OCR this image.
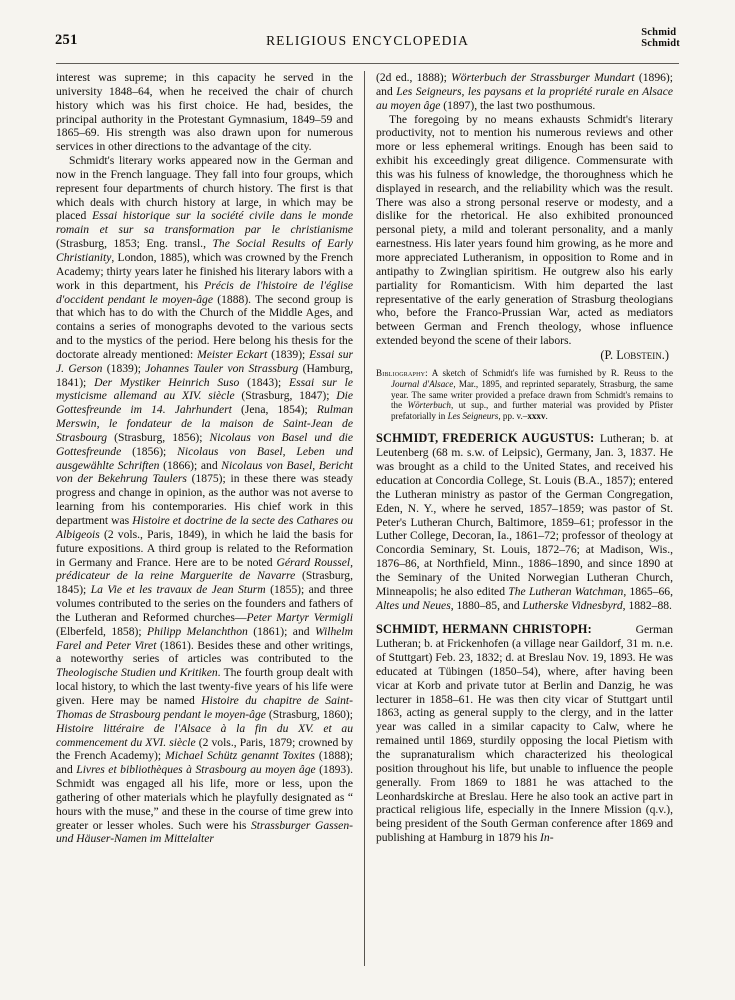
251	RELIGIOUS ENCYCLOPEDIA
Schmid
Schmidt

interest was supreme; in this capacity he served in the university 1848–64, when he received the chair of church history which was his first choice. He had, besides, the principal authority in the Protestant Gymnasium, 1849–59 and 1865–69. His strength was also drawn upon for numerous services in other directions to the advantage of the city.

Schmidt's literary works appeared now in the German and now in the French language. They fall into four groups, which represent four departments of church history. The first is that which deals with church history at large, in which may be placed Essai historique sur la société civile dans le monde romain et sur sa transformation par le christianisme (Strasburg, 1853; Eng. transl., The Social Results of Early Christianity, London, 1885), which was crowned by the French Academy; thirty years later he finished his literary labors with a work in this department, his Précis de l'histoire de l'église d'occident pendant le moyen-âge (1888). The second group is that which has to do with the Church of the Middle Ages, and contains a series of monographs devoted to the various sects and to the mystics of the period. Here belong his thesis for the doctorate already mentioned: Meister Eckart (1839); Essai sur J. Gerson (1839); Johannes Tauler von Strassburg (Hamburg, 1841); Der Mystiker Heinrich Suso (1843); Essai sur le mysticisme allemand au XIV. siècle (Strasburg, 1847); Die Gottesfreunde im 14. Jahrhundert (Jena, 1854); Rulman Merswin, le fondateur de la maison de Saint-Jean de Strasbourg (Strasburg, 1856); Nicolaus von Basel und die Gottesfreunde (1856); Nicolaus von Basel, Leben und ausgewählte Schriften (1866); and Nicolaus von Basel, Bericht von der Bekehrung Taulers (1875); in these there was steady progress and change in opinion, as the author was not averse to learning from his contemporaries. His chief work in this department was Histoire et doctrine de la secte des Cathares ou Albigeois (2 vols., Paris, 1849), in which he laid the basis for future expositions. A third group is related to the Reformation in Germany and France. Here are to be noted Gérard Roussel, prédicateur de la reine Marguerite de Navarre (Strasburg, 1845); La Vie et les travaux de Jean Sturm (1855); and three volumes contributed to the series on the founders and fathers of the Lutheran and Reformed churches—Peter Martyr Vermigli (Elberfeld, 1858); Philipp Melanchthon (1861); and Wilhelm Farel and Peter Viret (1861). Besides these and other writings, a noteworthy series of articles was contributed to the Theologische Studien und Kritiken. The fourth group dealt with local history, to which the last twenty-five years of his life were given. Here may be named Histoire du chapitre de Saint-Thomas de Strasbourg pendant le moyen-âge (Strasburg, 1860); Histoire littéraire de l'Alsace à la fin du XV. et au commencement du XVI. siècle (2 vols., Paris, 1879; crowned by the French Academy); Michael Schütz genannt Toxites (1888); and Livres et bibliothèques à Strasbourg au moyen âge (1893). Schmidt was engaged all his life, more or less, upon the gathering of other materials which he playfully designated as “ hours with the muse,” and these in the course of time grew into greater or lesser wholes. Such were his Strassburger Gassen- und Häuser-Namen im Mittelalter

(2d ed., 1888); Wörterbuch der Strassburger Mundart (1896); and Les Seigneurs, les paysans et la propriété rurale en Alsace au moyen âge (1897), the last two posthumous.

The foregoing by no means exhausts Schmidt's literary productivity, not to mention his numerous reviews and other more or less ephemeral writings. Enough has been said to exhibit his exceedingly great diligence. Commensurate with this was his fulness of knowledge, the thoroughness which he displayed in research, and the reliability which was the result. There was also a strong personal reserve or modesty, and a dislike for the rhetorical. He also exhibited pronounced personal piety, a mild and tolerant personality, and a manly earnestness. His later years found him growing, as he more and more appreciated Lutheranism, in opposition to Rome and in antipathy to Zwinglian spiritism. He outgrew also his early partiality for Romanticism. With him departed the last representative of the early generation of Strasburg theologians who, before the Franco-Prussian War, acted as mediators between German and French theology, whose influence extended beyond the scene of their labors.

(P. Lobstein.)

Bibliography: A sketch of Schmidt's life was furnished by R. Reuss to the Journal d'Alsace, Mar., 1895, and reprinted separately, Strasburg, the same year. The same writer provided a preface drawn from Schmidt's remains to the Wörterbuch, ut sup., and further material was provided by Pfister prefatorially in Les Seigneurs, pp. v.–xxxv.

SCHMIDT, FREDERICK AUGUSTUS: Lutheran; b. at Leutenberg (68 m. s.w. of Leipsic), Germany, Jan. 3, 1837. He was brought as a child to the United States, and received his education at Concordia College, St. Louis (B.A., 1857); entered the Lutheran ministry as pastor of the German Congregation, Eden, N. Y., where he served, 1857–1859; was pastor of St. Peter's Lutheran Church, Baltimore, 1859–61; professor in the Luther College, Decoran, Ia., 1861–72; professor of theology at Concordia Seminary, St. Louis, 1872–76; at Madison, Wis., 1876–86, at Northfield, Minn., 1886–1890, and since 1890 at the Seminary of the United Norwegian Lutheran Church, Minneapolis; he also edited The Lutheran Watchman, 1865–66, Altes und Neues, 1880–85, and Lutherske Vidnesbyrd, 1882–88.

SCHMIDT, HERMANN CHRISTOPH: German Lutheran; b. at Frickenhofen (a village near Gaildorf, 31 m. n.e. of Stuttgart) Feb. 23, 1832; d. at Breslau Nov. 19, 1893. He was educated at Tübingen (1850–54), where, after having been vicar at Korb and private tutor at Berlin and Danzig, he was lecturer in 1858–61. He was then city vicar of Stuttgart until 1863, acting as general supply to the clergy, and in the latter year was called in a similar capacity to Calw, where he remained until 1869, sturdily opposing the local Pietism with the supranaturalism which characterized his theological position throughout his life, but unable to influence the people generally. From 1869 to 1881 he was attached to the Leonhardskirche at Breslau. Here he also took an active part in practical religious life, especially in the Innere Mission (q.v.), being president of the South German conference after 1869 and publishing at Hamburg in 1879 his In-
